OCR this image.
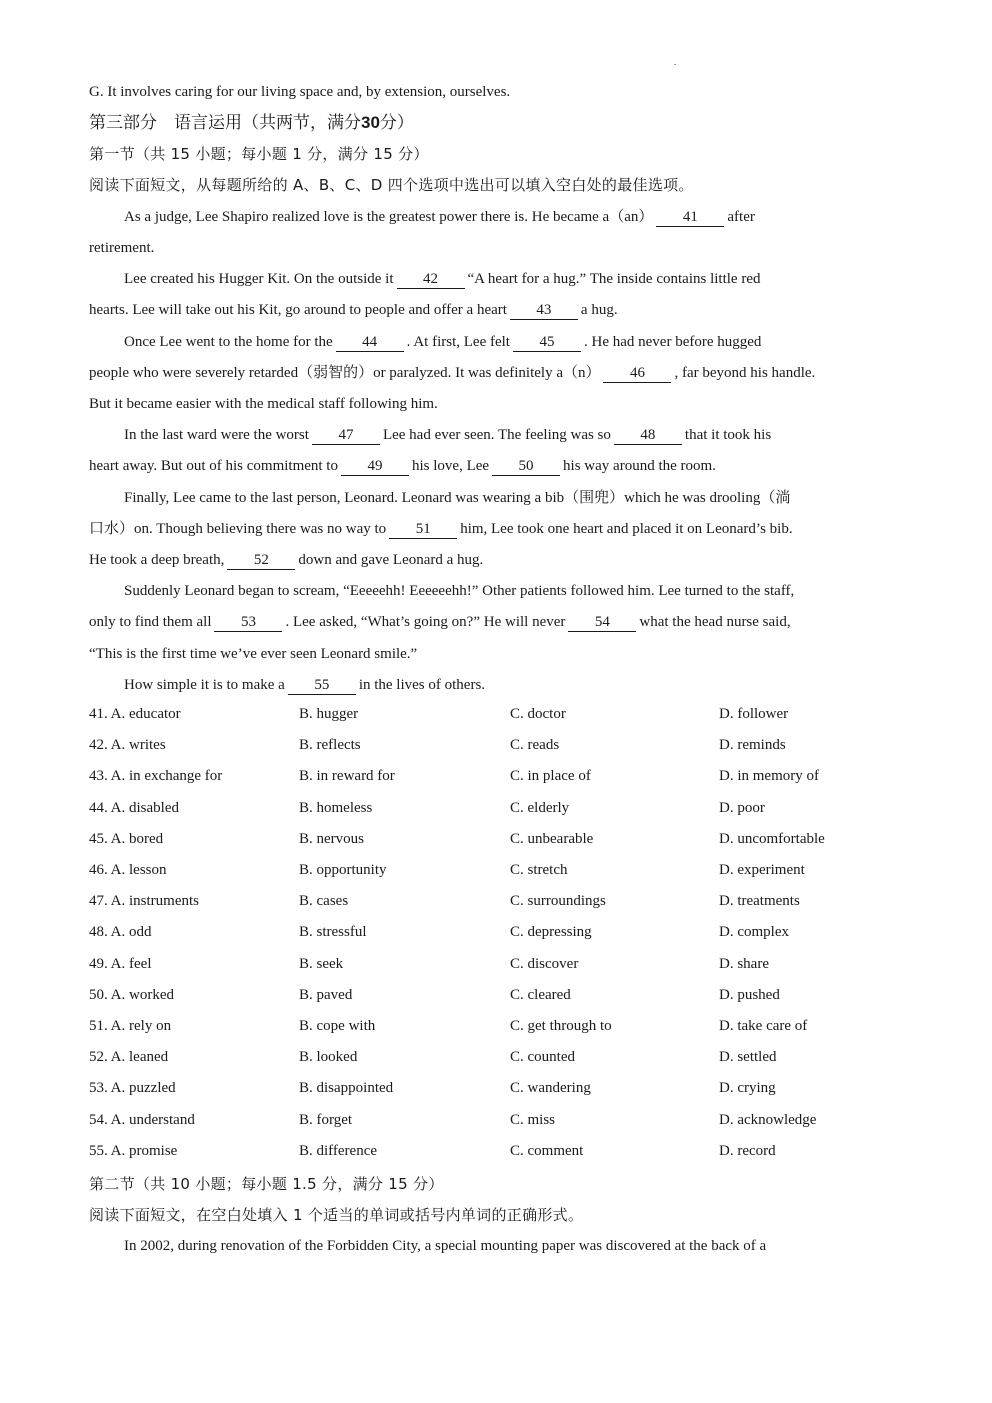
G. It involves caring for our living space and, by extension, ourselves.
第三部分　语言运用（共两节，满分30分）
第一节（共 15 小题；每小题 1 分，满分 15 分）
阅读下面短文，从每题所给的 A、B、C、D 四个选项中选出可以填入空白处的最佳选项。
As a judge, Lee Shapiro realized love is the greatest power there is. He became a（an） 41 after
retirement.
Lee created his Hugger Kit. On the outside it 42 “A heart for a hug.” The inside contains little red
hearts. Lee will take out his Kit, go around to people and offer a heart 43 a hug.
Once Lee went to the home for the 44 . At first, Lee felt 45 . He had never before hugged
people who were severely retarded（弱智的）or paralyzed. It was definitely a（n） 46 , far beyond his handle.
But it became easier with the medical staff following him.
In the last ward were the worst 47 Lee had ever seen. The feeling was so 48 that it took his
heart away. But out of his commitment to 49 his love, Lee 50 his way around the room.
Finally, Lee came to the last person, Leonard. Leonard was wearing a bib（围兜）which he was drooling（淌
口水）on. Though believing there was no way to 51 him, Lee took one heart and placed it on Leonard’s bib.
He took a deep breath, 52 down and gave Leonard a hug.
Suddenly Leonard began to scream, “Eeeeehh! Eeeeeehh!” Other patients followed him. Lee turned to the staff,
only to find them all 53 . Lee asked, “What’s going on?” He will never 54 what the head nurse said,
“This is the first time we’ve ever seen Leonard smile.”
How simple it is to make a 55 in the lives of others.
41. A. educator	B. hugger	C. doctor	D. follower
42. A. writes	B. reflects	C. reads	D. reminds
43. A. in exchange for	B. in reward for	C. in place of	D. in memory of
44. A. disabled	B. homeless	C. elderly	D. poor
45. A. bored	B. nervous	C. unbearable	D. uncomfortable
46. A. lesson	B. opportunity	C. stretch	D. experiment
47. A. instruments	B. cases	C. surroundings	D. treatments
48. A. odd	B. stressful	C. depressing	D. complex
49. A. feel	B. seek	C. discover	D. share
50. A. worked	B. paved	C. cleared	D. pushed
51. A. rely on	B. cope with	C. get through to	D. take care of
52. A. leaned	B. looked	C. counted	D. settled
53. A. puzzled	B. disappointed	C. wandering	D. crying
54. A. understand	B. forget	C. miss	D. acknowledge
55. A. promise	B. difference	C. comment	D. record
第二节（共 10 小题；每小题 1.5 分，满分 15 分）
阅读下面短文，在空白处填入 1 个适当的单词或括号内单词的正确形式。
In 2002, during renovation of the Forbidden City, a special mounting paper was discovered at the back of a
